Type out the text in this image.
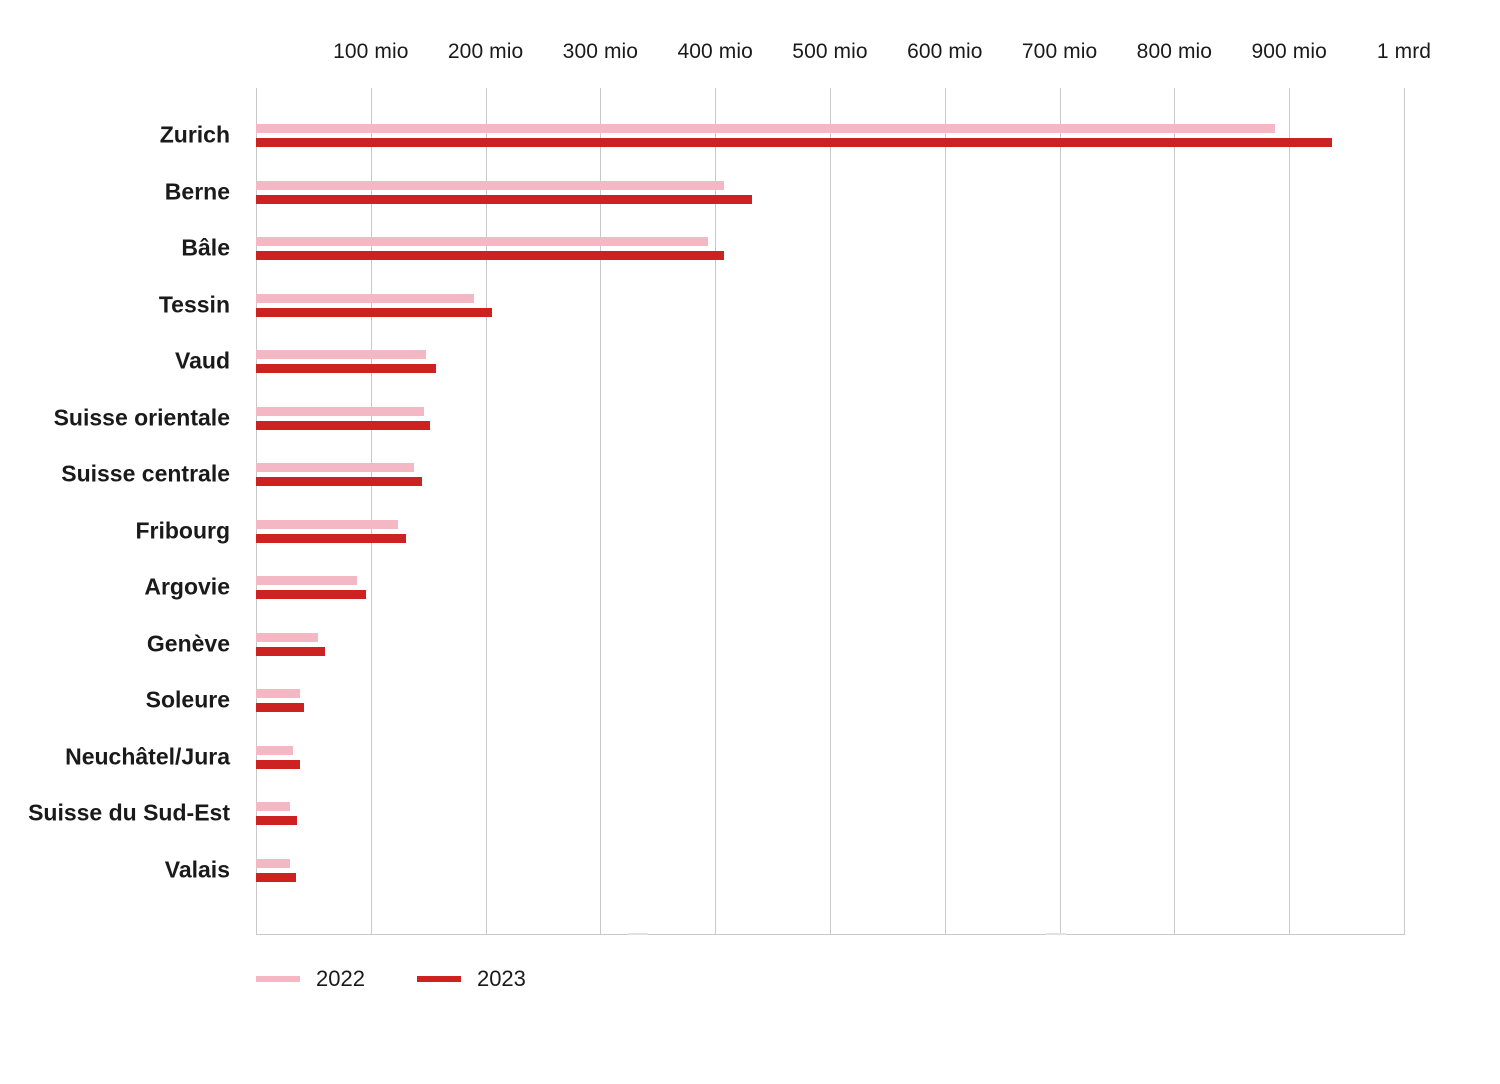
100 mio 200 mio 300 mio 400 mio 500 mio 600 mio 700 mio 800 mio 900 mio 1 mrd
Zurich
Berne
Bâle
Tessin
Vaud
Suisse orientale
Suisse centrale
Fribourg
Argovie
Genève
Soleure
Neuchâtel/Jura
Suisse du Sud-Est
Valais
2022	2023
